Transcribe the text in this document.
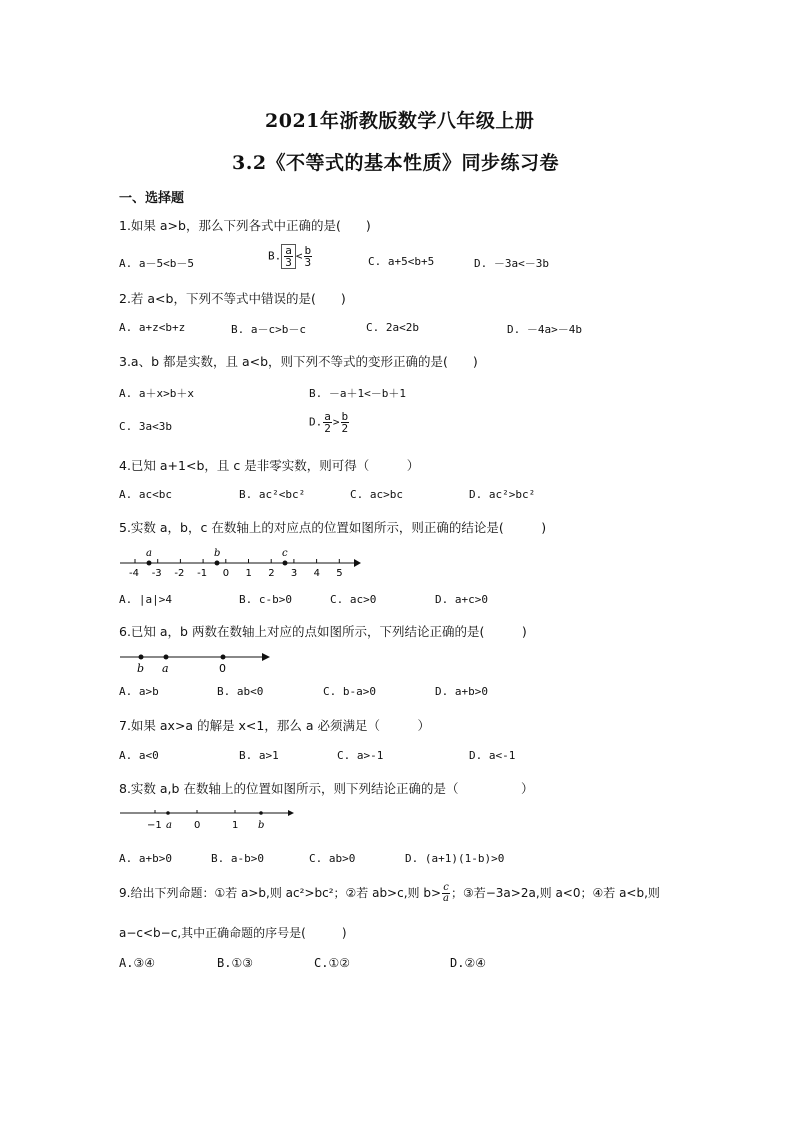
2021年浙教版数学八年级上册
3.2《不等式的基本性质》同步练习卷
一、选择题
1.如果 a>b，那么下列各式中正确的是(　　)
A. a－5<b－5
B. $\frac{a}{3} < \frac{b}{3}$	C. a+5<b+5	D. －3a<－3b
2.若 a<b，下列不等式中错误的是(　　)
A. a+z<b+z	B. a－c>b－c	C. 2a<2b	D. －4a>－4b
3.a、b 都是实数，且 a<b，则下列不等式的变形正确的是(　　)
A. a＋x>b＋x	B. －a＋1<－b＋1
C. 3a<3b	D. $\frac{a}{2} > \frac{b}{2}$
4.已知 a+1<b，且 c 是非零实数，则可得（　　　）
A. ac<bc	B. ac²<bc²	C. ac>bc	D. ac²>bc²
5.实数 a，b，c 在数轴上的对应点的位置如图所示，则正确的结论是(　　　)
-4 -3 -2 -1 0 1 2 3 4 5
a	b	c
A. |a|>4	B. c-b>0	C. ac>0	D. a+c>0
6.已知 a，b 两数在数轴上对应的点如图所示，下列结论正确的是(　　　)
b a	0
A. a>b	B. ab<0	C. b-a>0	D. a+b>0
7.如果 ax>a 的解是 x<1，那么 a 必须满足（　　　）
A. a<0	B. a>1	C. a>-1	D. a<-1
8.实数 a,b 在数轴上的位置如图所示，则下列结论正确的是（　　　　　）
−1 a 0	1 b
A. a+b>0	B. a-b>0	C. ab>0	D. (a+1)(1-b)>0
9.给出下列命题：①若 a>b,则 ac²>bc²；②若 ab>c,则 $b> \frac{c}{a}$ ；③若−3a>2a,则 a<0；④若 a<b,则
a−c<b−c,其中正确命题的序号是(　　　)
A.③④	B.①③	C.①②	D.②④
